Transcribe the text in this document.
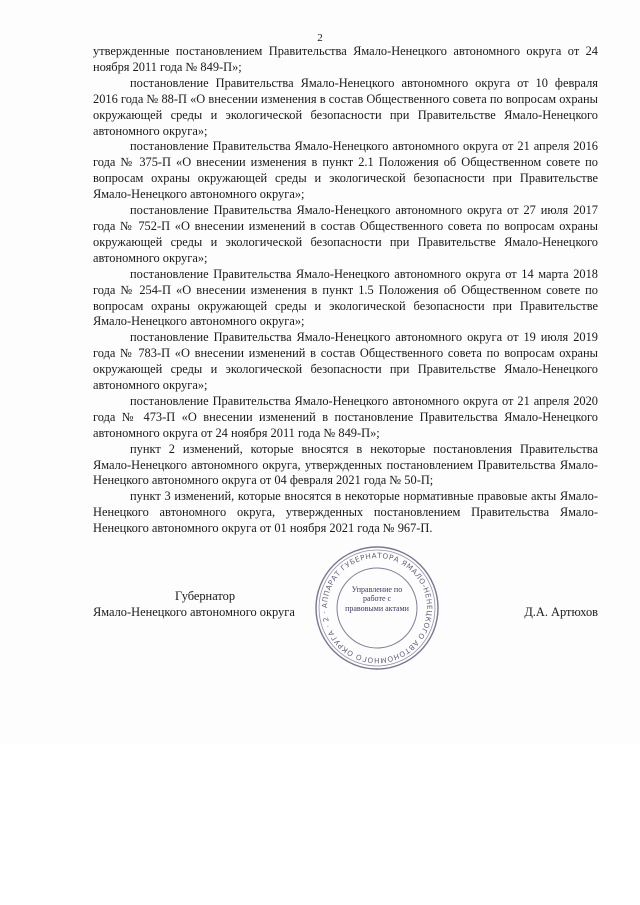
2

утвержденные постановлением Правительства Ямало-Ненецкого автономного округа от 24 ноября 2011 года № 849-П»;

постановление Правительства Ямало-Ненецкого автономного округа от 10 февраля 2016 года № 88-П «О внесении изменения в состав Общественного совета по вопросам охраны окружающей среды и экологической безопасности при Правительстве Ямало-Ненецкого автономного округа»;

постановление Правительства Ямало-Ненецкого автономного округа от 21 апреля 2016 года № 375-П «О внесении изменения в пункт 2.1 Положения об Общественном совете по вопросам охраны окружающей среды и экологической безопасности при Правительстве Ямало-Ненецкого автономного округа»;

постановление Правительства Ямало-Ненецкого автономного округа от 27 июля 2017 года № 752-П «О внесении изменений в состав Общественного совета по вопросам охраны окружающей среды и экологической безопасности при Правительстве Ямало-Ненецкого автономного округа»;

постановление Правительства Ямало-Ненецкого автономного округа от 14 марта 2018 года № 254-П «О внесении изменения в пункт 1.5 Положения об Общественном совете по вопросам охраны окружающей среды и экологической безопасности при Правительстве Ямало-Ненецкого автономного округа»;

постановление Правительства Ямало-Ненецкого автономного округа от 19 июля 2019 года № 783-П «О внесении изменений в состав Общественного совета по вопросам охраны окружающей среды и экологической безопасности при Правительстве Ямало-Ненецкого автономного округа»;

постановление Правительства Ямало-Ненецкого автономного округа от 21 апреля 2020 года № 473-П «О внесении изменений в постановление Правительства Ямало-Ненецкого автономного округа от 24 ноября 2011 года № 849-П»;

пункт 2 изменений, которые вносятся в некоторые постановления Правительства Ямало-Ненецкого автономного округа, утвержденных постановлением Правительства Ямало-Ненецкого автономного округа от 04 февраля 2021 года № 50-П;

пункт 3 изменений, которые вносятся в некоторые нормативные правовые акты Ямало-Ненецкого автономного округа, утвержденных постановлением Правительства Ямало-Ненецкого автономного округа от 01 ноября 2021 года № 967-П.

Губернатор
Ямало-Ненецкого автономного округа	Д.А. Артюхов
АППАРАТ ГУБЕРНАТОРА ЯМАЛО-НЕНЕЦКОГО АВТОНОМНОГО ОКРУГА · 2 ·
Управление по работе с правовыми актами
